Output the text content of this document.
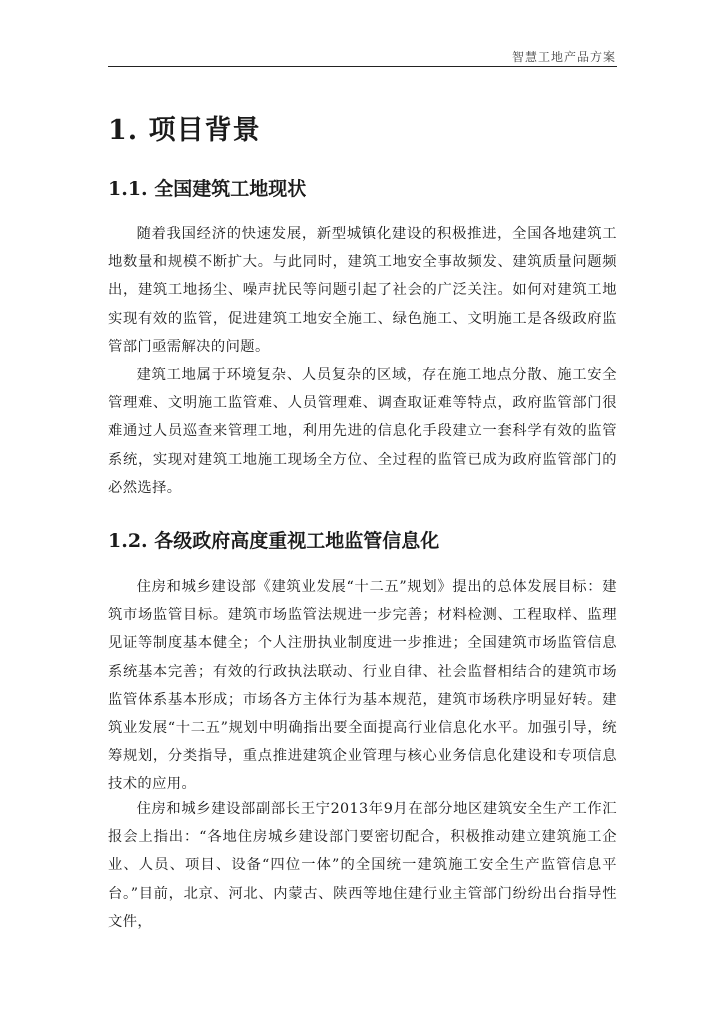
智慧工地产品方案
1. 项目背景
1.1. 全国建筑工地现状

随着我国经济的快速发展，新型城镇化建设的积极推进，全国各地建筑工地数量和规模不断扩大。与此同时，建筑工地安全事故频发、建筑质量问题频出，建筑工地扬尘、噪声扰民等问题引起了社会的广泛关注。如何对建筑工地实现有效的监管，促进建筑工地安全施工、绿色施工、文明施工是各级政府监管部门亟需解决的问题。

建筑工地属于环境复杂、人员复杂的区域，存在施工地点分散、施工安全管理难、文明施工监管难、人员管理难、调查取证难等特点，政府监管部门很难通过人员巡查来管理工地，利用先进的信息化手段建立一套科学有效的监管系统，实现对建筑工地施工现场全方位、全过程的监管已成为政府监管部门的必然选择。

1.2. 各级政府高度重视工地监管信息化

住房和城乡建设部《建筑业发展“十二五”规划》提出的总体发展目标：建筑市场监管目标。建筑市场监管法规进一步完善；材料检测、工程取样、监理见证等制度基本健全；个人注册执业制度进一步推进；全国建筑市场监管信息系统基本完善；有效的行政执法联动、行业自律、社会监督相结合的建筑市场监管体系基本形成；市场各方主体行为基本规范，建筑市场秩序明显好转。建筑业发展“十二五”规划中明确指出要全面提高行业信息化水平。加强引导，统筹规划，分类指导，重点推进建筑企业管理与核心业务信息化建设和专项信息技术的应用。

住房和城乡建设部副部长王宁2013年9月在部分地区建筑安全生产工作汇报会上指出：“各地住房城乡建设部门要密切配合，积极推动建立建筑施工企业、人员、项目、设备“四位一体”的全国统一建筑施工安全生产监管信息平台。”目前，北京、河北、内蒙古、陕西等地住建行业主管部门纷纷出台指导性文件，
